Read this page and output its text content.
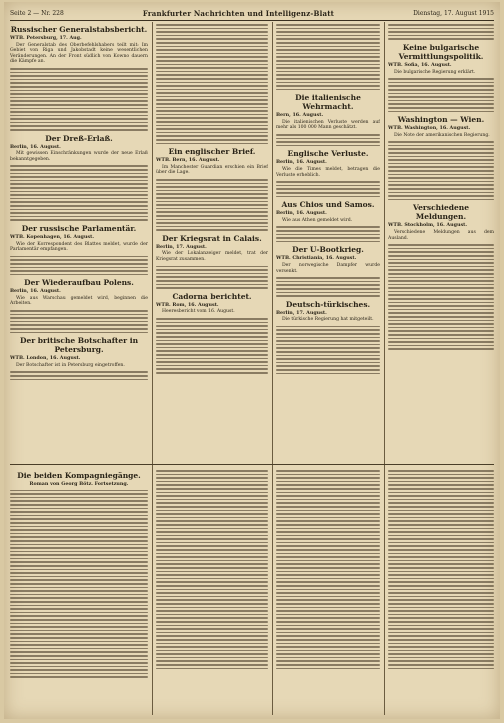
Seite 2 — Nr. 228	Frankfurter Nachrichten und Intelligenz-Blatt	Dienstag, 17. August 1915
Russischer Generalstabsbericht.
WTB. Petersburg, 17. Aug.
Der Generalstab des Oberbefehlshabers teilt mit: Im Gebiet von Riga und Jakobstadt keine wesentlichen Veränderungen. An der Front südlich von Kowno dauern die Kämpfe an.
Der Dreß-Erlaß.
Berlin, 16. August.
Mit gewissen Einschränkungen wurde der neue Erlaß bekanntgegeben.
Der russische Parlamentär.
WTB. Kopenhagen, 16. August.
Wie der Korrespondent des Blattes meldet, wurde der Parlamentär empfangen.
Der Wiederaufbau Polens.
Berlin, 16. August.
Wie aus Warschau gemeldet wird, beginnen die Arbeiten.
Der britische Botschafter in Petersburg.
WTB. London, 16. August.
Der Botschafter ist in Petersburg eingetroffen.
Die beiden Kompagniegänge.
Roman von Georg Bötz. Fortsetzung.
Ein englischer Brief.
WTB. Bern, 16. August.
Im Manchester Guardian erschien ein Brief über die Lage.
Der Kriegsrat in Calais.
Berlin, 17. August.
Wie der Lokalanzeiger meldet, trat der Kriegsrat zusammen.
Cadorna berichtet.
WTB. Rom, 16. August.
Heeresbericht vom 16. August.
Die italienische Wehrmacht.
Bern, 16. August.
Die italienischen Verluste werden auf mehr als 100 000 Mann geschätzt.
Englische Verluste.
Berlin, 16. August.
Wie die Times meldet, betragen die Verluste erheblich.
Aus Chios und Samos.
Berlin, 16. August.
Wie aus Athen gemeldet wird.
Der U-Bootkrieg.
WTB. Christiania, 16. August.
Der norwegische Dampfer wurde versenkt.
Deutsch-türkisches.
Berlin, 17. August.
Die türkische Regierung hat mitgeteilt.
Keine bulgarische Vermittlungspolitik.
WTB. Sofia, 16. August.
Die bulgarische Regierung erklärt.
Washington — Wien.
WTB. Washington, 16. August.
Die Note der amerikanischen Regierung.
Verschiedene Meldungen.
WTB. Stockholm, 16. August.
Verschiedene Meldungen aus dem Ausland.
